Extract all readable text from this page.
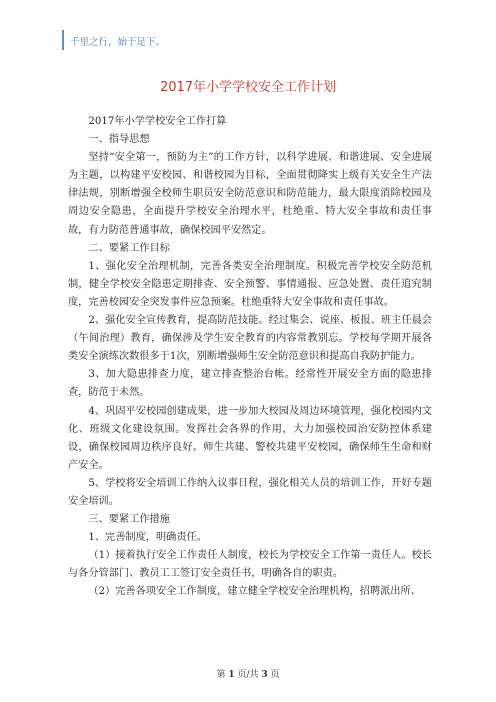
千里之行，始于足下。
2017年小学学校安全工作计划

2017年小学学校安全工作打算

一、指导思想

坚持“安全第一，预防为主”的工作方针，以科学进展、和谐进展、安全进展为主题，以构建平安校园、和谐校园为目标，全面贯彻降实上级有关安全生产法律法规，别断增强全校师生职员安全防范意识和防范能力，最大限度消除校园及周边安全隐患，全面提升学校安全治理水平，杜绝重、特大安全事故和责任事故，有力防范普通事故，确保校园平安然定。

二、要紧工作目标

1、强化安全治理机制，完善各类安全治理制度。积极完善学校安全防范机制，健全学校安全隐患定期排查、安全预警、事情通报、应急处置、责任追究制度，完善校园安全突发事件应急预案。杜绝重特大安全事故和责任事故。

2、强化安全宣传教育，提高防范技能。经过集会、说座、板报、班主任晨会（午间治理）教育，确保涉及学生安全教育的内容常教别忘。学校每学期开展各类安全演练次数很多于1次，别断增强师生安全防范意识和提高自我防护能力。

3、加大隐患排查力度，建立排查整治台帐。经常性开展安全方面的隐患排查，防范于未然。

4、巩固平安校园创建成果，进一步加大校园及周边环境管理，强化校园内文化、班级文化建设氛围。发挥社会各界的作用，大力加强校园治安防控体系建设，确保校园周边秩序良好。师生共建、警校共建平安校园，确保师生生命和财产安全。

5、学校将安全培训工作纳入议事日程，强化相关人员的培训工作，开好专题安全培训。

三、要紧工作措施

1、完善制度，明确责任。

（1）接着执行安全工作责任人制度，校长为学校安全工作第一责任人。校长与各分管部门、教员工工签订安全责任书，明确各自的职责。

（2）完善各项安全工作制度，建立健全学校安全治理机构，招聘派出所、

第 1 页/共 3 页
